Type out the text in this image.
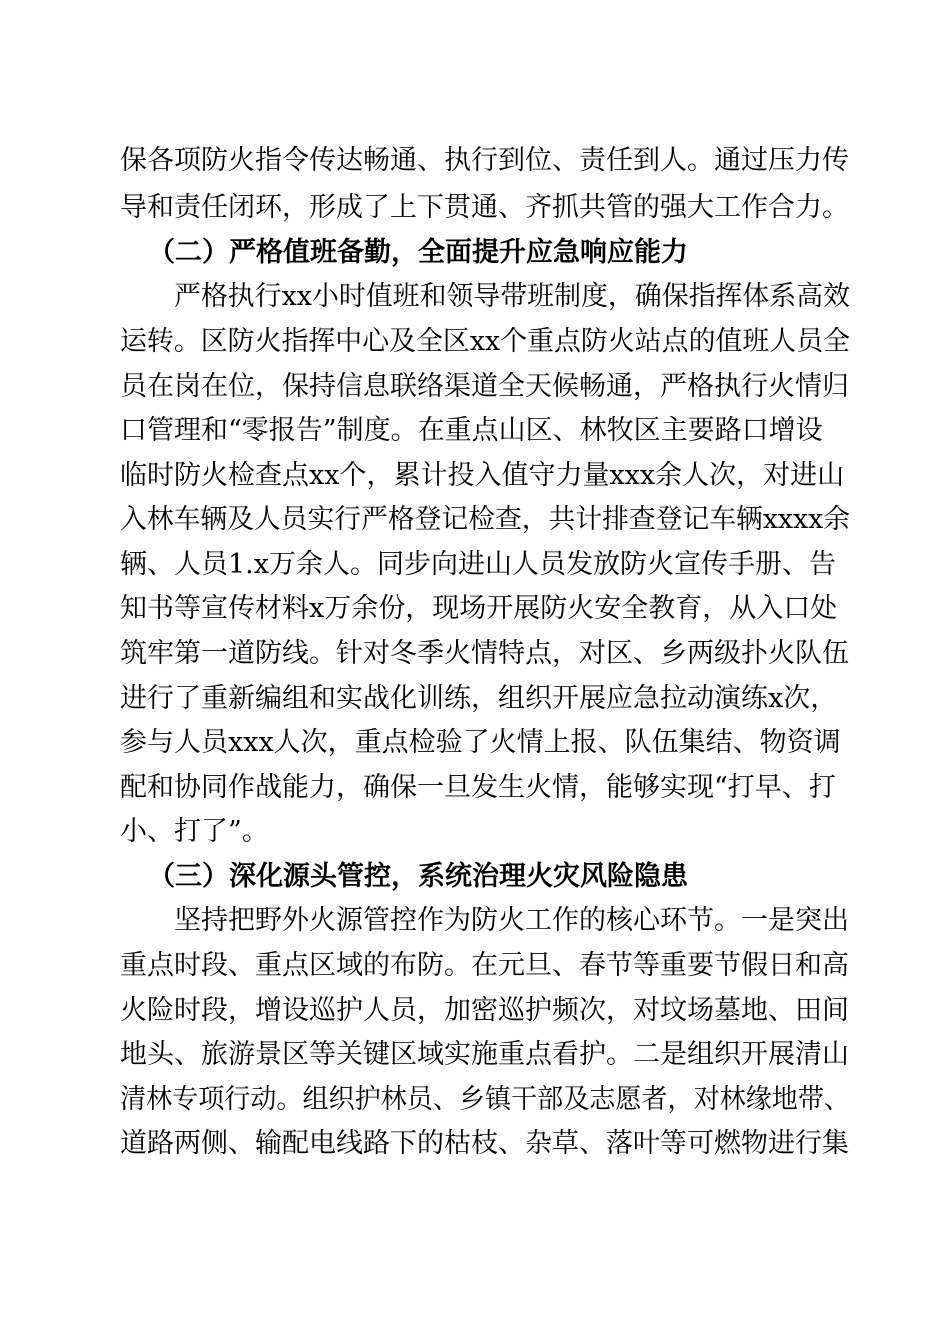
保各项防火指令传达畅通、执行到位、责任到人。通过压力传
导和责任闭环，形成了上下贯通、齐抓共管的强大工作合力。
（二）严格值班备勤，全面提升应急响应能力
严格执行xx小时值班和领导带班制度，确保指挥体系高效
运转。区防火指挥中心及全区xx个重点防火站点的值班人员全
员在岗在位，保持信息联络渠道全天候畅通，严格执行火情归
口管理和“零报告”制度。在重点山区、林牧区主要路口增设
临时防火检查点xx个，累计投入值守力量xxx余人次，对进山
入林车辆及人员实行严格登记检查，共计排查登记车辆xxxx余
辆、人员1.x万余人。同步向进山人员发放防火宣传手册、告
知书等宣传材料x万余份，现场开展防火安全教育，从入口处
筑牢第一道防线。针对冬季火情特点，对区、乡两级扑火队伍
进行了重新编组和实战化训练，组织开展应急拉动演练x次，
参与人员xxx人次，重点检验了火情上报、队伍集结、物资调
配和协同作战能力，确保一旦发生火情，能够实现“打早、打
小、打了”。
（三）深化源头管控，系统治理火灾风险隐患
坚持把野外火源管控作为防火工作的核心环节。一是突出
重点时段、重点区域的布防。在元旦、春节等重要节假日和高
火险时段，增设巡护人员，加密巡护频次，对坟场墓地、田间
地头、旅游景区等关键区域实施重点看护。二是组织开展清山
清林专项行动。组织护林员、乡镇干部及志愿者，对林缘地带、
道路两侧、输配电线路下的枯枝、杂草、落叶等可燃物进行集
